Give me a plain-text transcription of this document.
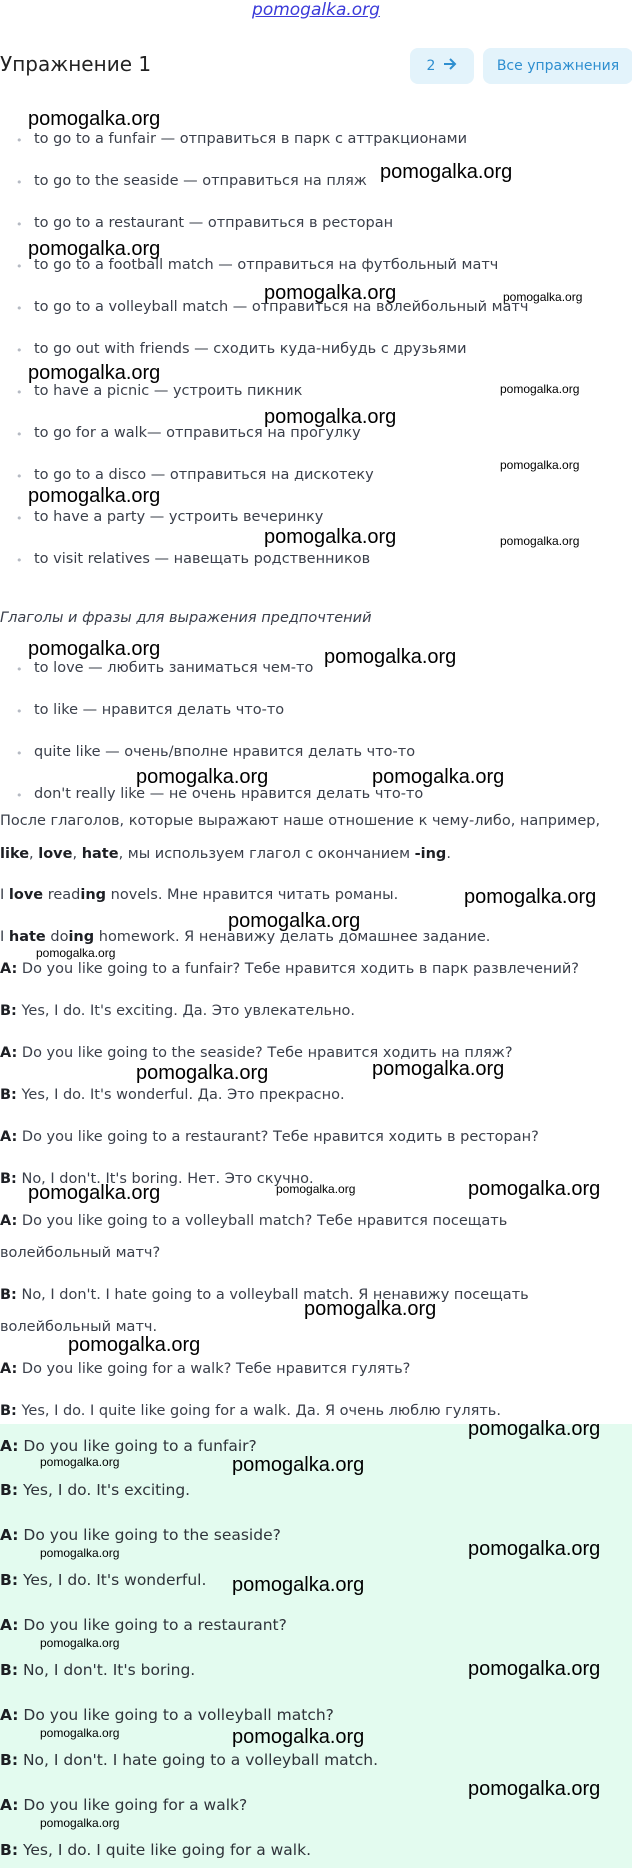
pomogalka.org
Упражнение 1	2	Все упражнения
• to go to a funfair — отправиться в парк с аттракционами
• to go to the seaside — отправиться на пляж
• to go to a restaurant — отправиться в ресторан
• to go to a football match — отправиться на футбольный матч
• to go to a volleyball match — отправиться на волейбольный матч
• to go out with friends — сходить куда-нибудь с друзьями
• to have a picnic — устроить пикник
• to go for a walk— отправиться на прогулку
• to go to a disco — отправиться на дискотеку
• to have a party — устроить вечеринку
• to visit relatives — навещать родственников
Глаголы и фразы для выражения предпочтений
• to love — любить заниматься чем-то
• to like — нравится делать что-то
• quite like — очень/вполне нравится делать что-то
• don't really like — не очень нравится делать что-то
После глаголов, которые выражают наше отношение к чему-либо, например,
like, love, hate, мы используем глагол с окончанием -ing.
I love reading novels. Мне нравится читать романы.
I hate doing homework. Я ненавижу делать домашнее задание.
A: Do you like going to a funfair? Тебе нравится ходить в парк развлечений?
B: Yes, I do. It's exciting. Да. Это увлекательно.
A: Do you like going to the seaside? Тебе нравится ходить на пляж?
B: Yes, I do. It's wonderful. Да. Это прекрасно.
A: Do you like going to a restaurant? Тебе нравится ходить в ресторан?
B: No, I don't. It's boring. Нет. Это скучно.
A: Do you like going to a volleyball match? Тебе нравится посещать
волейбольный матч?
B: No, I don't. I hate going to a volleyball match. Я ненавижу посещать
волейбольный матч.
A: Do you like going for a walk? Тебе нравится гулять?
B: Yes, I do. I quite like going for a walk. Да. Я очень люблю гулять.
A: Do you like going to a funfair?
B: Yes, I do. It's exciting.
A: Do you like going to the seaside?
B: Yes, I do. It's wonderful.
A: Do you like going to a restaurant?
B: No, I don't. It's boring.
A: Do you like going to a volleyball match?
B: No, I don't. I hate going to a volleyball match.
A: Do you like going for a walk?
B: Yes, I do. I quite like going for a walk.
pomogalka.org
pomogalka.org
pomogalka.org
pomogalka.org	pomogalka.org
pomogalka.org
pomogalka.org
pomogalka.org
pomogalka.org
pomogalka.org
pomogalka.org	pomogalka.org
pomogalka.org	pomogalka.org
pomogalka.org	pomogalka.org
pomogalka.org
pomogalka.org
pomogalka.org
pomogalka.org	pomogalka.org
pomogalka.org	pomogalka.org	pomogalka.org
pomogalka.org
pomogalka.org
pomogalka.org
pomogalka.org	pomogalka.org
pomogalka.org
pomogalka.org
pomogalka.org
pomogalka.org
pomogalka.org
pomogalka.org	pomogalka.org
pomogalka.org
pomogalka.org
